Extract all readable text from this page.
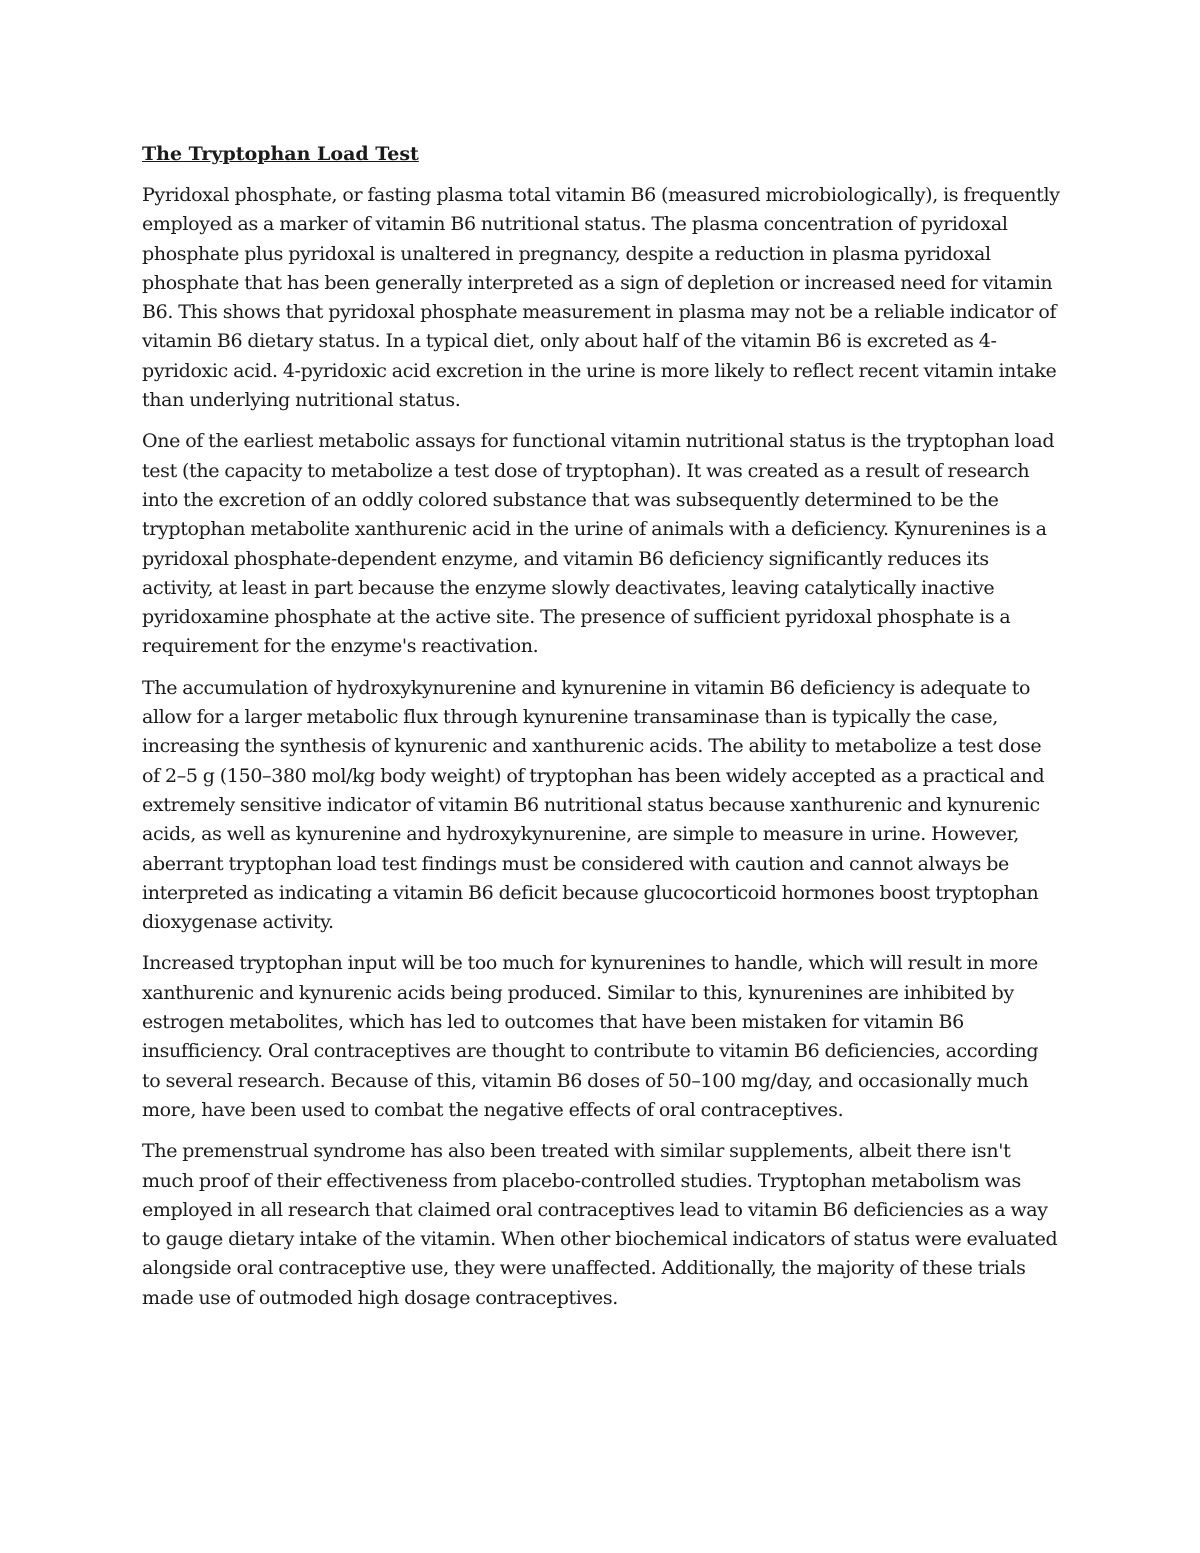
The Tryptophan Load Test

Pyridoxal phosphate, or fasting plasma total vitamin B6 (measured microbiologically), is frequently employed as a marker of vitamin B6 nutritional status. The plasma concentration of pyridoxal phosphate plus pyridoxal is unaltered in pregnancy, despite a reduction in plasma pyridoxal phosphate that has been generally interpreted as a sign of depletion or increased need for vitamin B6. This shows that pyridoxal phosphate measurement in plasma may not be a reliable indicator of vitamin B6 dietary status. In a typical diet, only about half of the vitamin B6 is excreted as 4-pyridoxic acid. 4-pyridoxic acid excretion in the urine is more likely to reflect recent vitamin intake than underlying nutritional status.

One of the earliest metabolic assays for functional vitamin nutritional status is the tryptophan load test (the capacity to metabolize a test dose of tryptophan). It was created as a result of research into the excretion of an oddly colored substance that was subsequently determined to be the tryptophan metabolite xanthurenic acid in the urine of animals with a deficiency. Kynurenines is a pyridoxal phosphate-dependent enzyme, and vitamin B6 deficiency significantly reduces its activity, at least in part because the enzyme slowly deactivates, leaving catalytically inactive pyridoxamine phosphate at the active site. The presence of sufficient pyridoxal phosphate is a requirement for the enzyme's reactivation.

The accumulation of hydroxykynurenine and kynurenine in vitamin B6 deficiency is adequate to allow for a larger metabolic flux through kynurenine transaminase than is typically the case, increasing the synthesis of kynurenic and xanthurenic acids. The ability to metabolize a test dose of 2–5 g (150–380 mol/kg body weight) of tryptophan has been widely accepted as a practical and extremely sensitive indicator of vitamin B6 nutritional status because xanthurenic and kynurenic acids, as well as kynurenine and hydroxykynurenine, are simple to measure in urine. However, aberrant tryptophan load test findings must be considered with caution and cannot always be interpreted as indicating a vitamin B6 deficit because glucocorticoid hormones boost tryptophan dioxygenase activity.

Increased tryptophan input will be too much for kynurenines to handle, which will result in more xanthurenic and kynurenic acids being produced. Similar to this, kynurenines are inhibited by estrogen metabolites, which has led to outcomes that have been mistaken for vitamin B6 insufficiency. Oral contraceptives are thought to contribute to vitamin B6 deficiencies, according to several research. Because of this, vitamin B6 doses of 50–100 mg/day, and occasionally much more, have been used to combat the negative effects of oral contraceptives.

The premenstrual syndrome has also been treated with similar supplements, albeit there isn't much proof of their effectiveness from placebo-controlled studies. Tryptophan metabolism was employed in all research that claimed oral contraceptives lead to vitamin B6 deficiencies as a way to gauge dietary intake of the vitamin. When other biochemical indicators of status were evaluated alongside oral contraceptive use, they were unaffected. Additionally, the majority of these trials made use of outmoded high dosage contraceptives.
